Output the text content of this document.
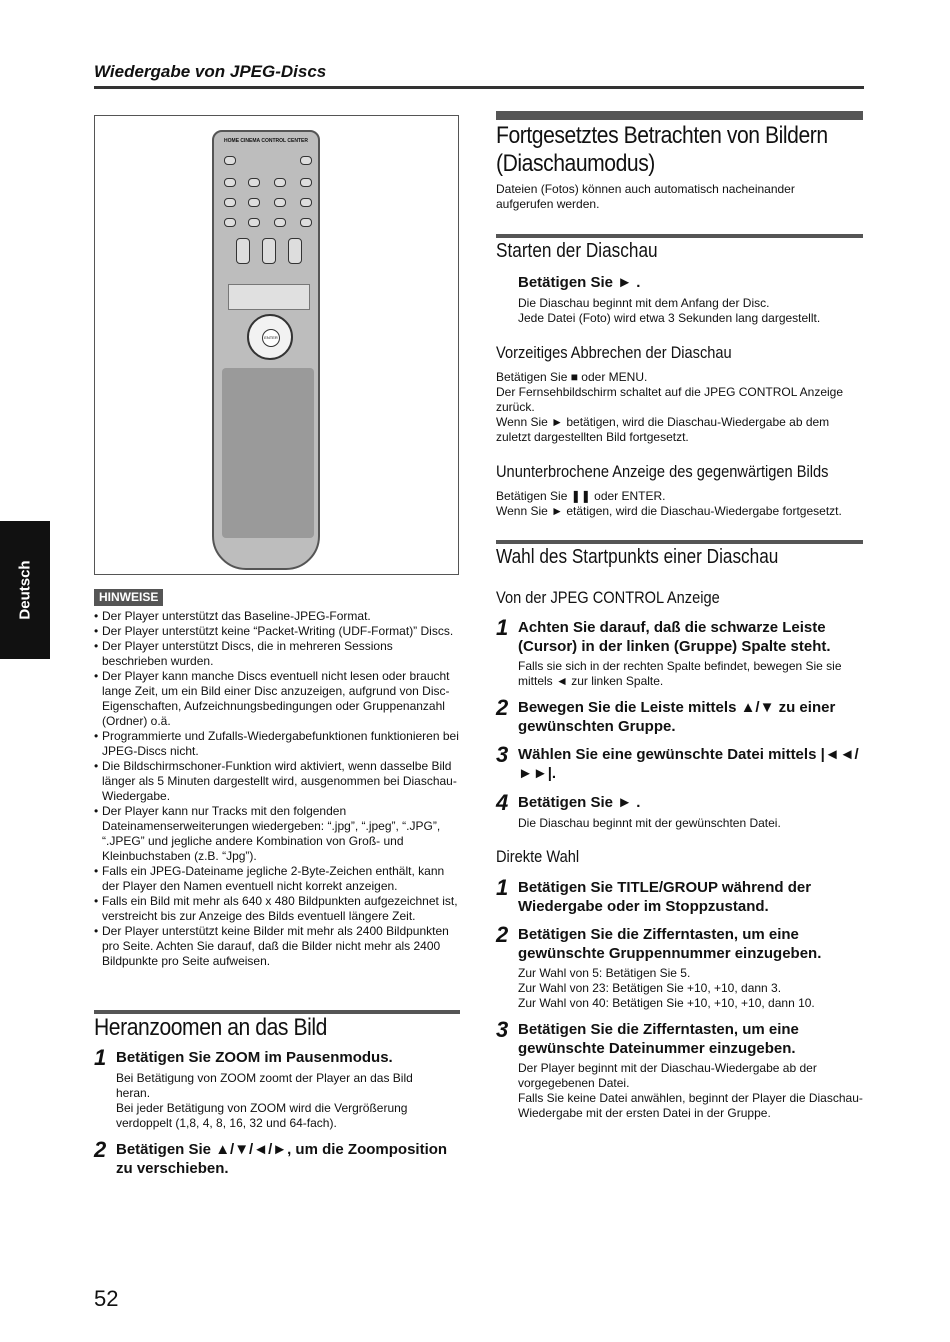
Wiedergabe von JPEG-Discs
Deutsch
HOME CINEMA CONTROL CENTER
ENTER
HINWEISE
• Der Player unterstützt das Baseline-JPEG-Format.
• Der Player unterstützt keine “Packet-Writing (UDF-Format)” Discs.
• Der Player unterstützt Discs, die in mehreren Sessions beschrieben wurden.
• Der Player kann manche Discs eventuell nicht lesen oder braucht lange Zeit, um ein Bild einer Disc anzuzeigen, aufgrund von Disc-Eigenschaften, Aufzeichnungsbedingungen oder Gruppenanzahl (Ordner) o.ä.
• Programmierte und Zufalls-Wiedergabefunktionen funktionieren bei JPEG-Discs nicht.
• Die Bildschirmschoner-Funktion wird aktiviert, wenn dasselbe Bild länger als 5 Minuten dargestellt wird, ausgenommen bei Diaschau-Wiedergabe.
• Der Player kann nur Tracks mit den folgenden Dateinamenserweiterungen wiedergeben: “.jpg”, “.jpeg”, “.JPG”, “.JPEG” und jegliche andere Kombination von Groß- und Kleinbuchstaben (z.B. “Jpg”).
• Falls ein JPEG-Dateiname jegliche 2-Byte-Zeichen enthält, kann der Player den Namen eventuell nicht korrekt anzeigen.
• Falls ein Bild mit mehr als 640 x 480 Bildpunkten aufgezeichnet ist, verstreicht bis zur Anzeige des Bilds eventuell längere Zeit.
• Der Player unterstützt keine Bilder mit mehr als 2400 Bildpunkten pro Seite. Achten Sie darauf, daß die Bilder nicht mehr als 2400 Bildpunkte pro Seite aufweisen.
Heranzoomen an das Bild
1 Betätigen Sie ZOOM im Pausenmodus.
Bei Betätigung von ZOOM zoomt der Player an das Bild heran.
Bei jeder Betätigung von ZOOM wird die Vergrößerung verdoppelt (1,8, 4, 8, 16, 32 und 64-fach).
2 Betätigen Sie ▲/▼/◄/►, um die Zoomposition zu verschieben.
Fortgesetztes Betrachten von Bildern
(Diaschaumodus)
Dateien (Fotos) können auch automatisch nacheinander aufgerufen werden.
Starten der Diaschau
Betätigen Sie ► .
Die Diaschau beginnt mit dem Anfang der Disc.
Jede Datei (Foto) wird etwa 3 Sekunden lang dargestellt.
Vorzeitiges Abbrechen der Diaschau
Betätigen Sie ■ oder MENU.
Der Fernsehbildschirm schaltet auf die JPEG CONTROL Anzeige zurück.
Wenn Sie ► betätigen, wird die Diaschau-Wiedergabe ab dem zuletzt dargestellten Bild fortgesetzt.
Ununterbrochene Anzeige des gegenwärtigen Bilds
Betätigen Sie ❚❚ oder ENTER.
Wenn Sie ► etätigen, wird die Diaschau-Wiedergabe fortgesetzt.
Wahl des Startpunkts einer Diaschau
Von der JPEG CONTROL Anzeige
1 Achten Sie darauf, daß die schwarze Leiste (Cursor) in der linken (Gruppe) Spalte steht.
Falls sie sich in der rechten Spalte befindet, bewegen Sie sie mittels ◄ zur linken Spalte.
2 Bewegen Sie die Leiste mittels ▲/▼ zu einer gewünschten Gruppe.
3 Wählen Sie eine gewünschte Datei mittels |◄◄/►►|.
4 Betätigen Sie ► .
Die Diaschau beginnt mit der gewünschten Datei.
Direkte Wahl
1 Betätigen Sie TITLE/GROUP während der Wiedergabe oder im Stoppzustand.
2 Betätigen Sie die Zifferntasten, um eine gewünschte Gruppennummer einzugeben.
Zur Wahl von 5: Betätigen Sie 5.
Zur Wahl von 23: Betätigen Sie +10, +10, dann 3.
Zur Wahl von 40: Betätigen Sie +10, +10, +10, dann 10.
3 Betätigen Sie die Zifferntasten, um eine gewünschte Dateinummer einzugeben.
Der Player beginnt mit der Diaschau-Wiedergabe ab der vorgegebenen Datei.
Falls Sie keine Datei anwählen, beginnt der Player die Diaschau-Wiedergabe mit der ersten Datei in der Gruppe.
52
